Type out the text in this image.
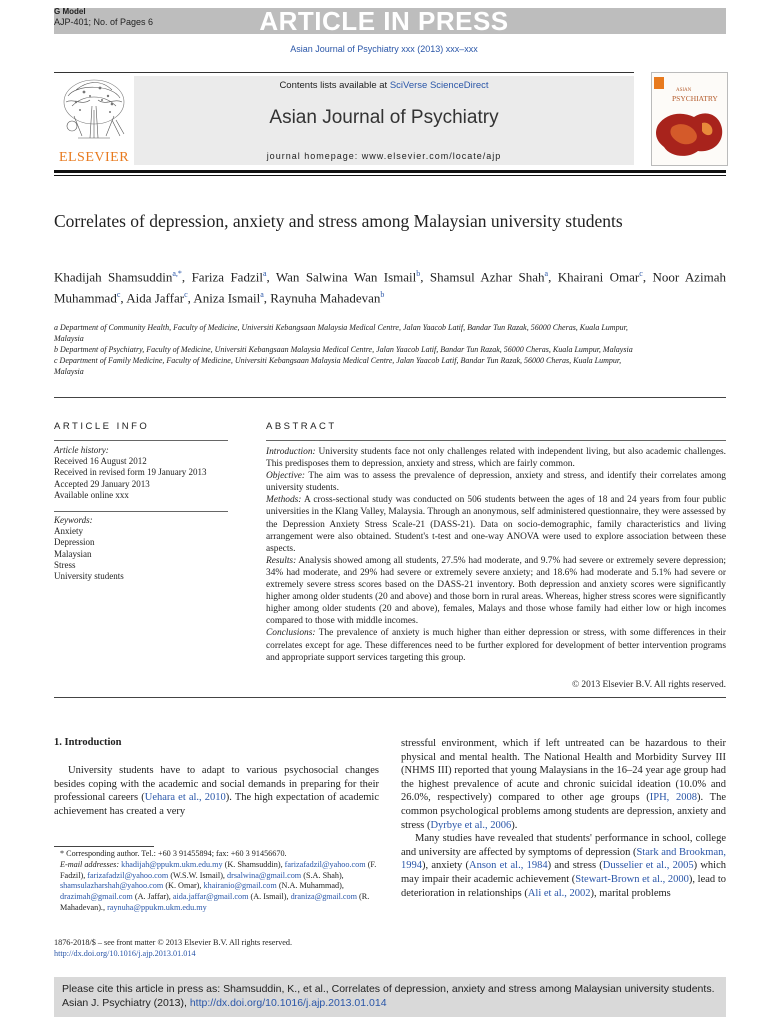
G Model
AJP-401; No. of Pages 6	ARTICLE IN PRESS
Asian Journal of Psychiatry xxx (2013) xxx–xxx
Contents lists available at SciVerse ScienceDirect
Asian Journal of Psychiatry
journal homepage: www.elsevier.com/locate/ajp
ELSEVIER
ASIAN
PSYCHIATRY
Correlates of depression, anxiety and stress among Malaysian university students
Khadijah Shamsuddin$^{a,*}$, Fariza Fadzil$^a$, Wan Salwina Wan Ismail$^b$, Shamsul Azhar Shah$^a$, Khairani Omar$^c$, Noor Azimah Muhammad$^c$, Aida Jaffar$^c$, Aniza Ismail$^a$, Raynuha Mahadevan$^b$
a Department of Community Health, Faculty of Medicine, Universiti Kebangsaan Malaysia Medical Centre, Jalan Yaacob Latif, Bandar Tun Razak, 56000 Cheras, Kuala Lumpur, Malaysia
b Department of Psychiatry, Faculty of Medicine, Universiti Kebangsaan Malaysia Medical Centre, Jalan Yaacob Latif, Bandar Tun Razak, 56000 Cheras, Kuala Lumpur, Malaysia
c Department of Family Medicine, Faculty of Medicine, Universiti Kebangsaan Malaysia Medical Centre, Jalan Yaacob Latif, Bandar Tun Razak, 56000 Cheras, Kuala Lumpur, Malaysia
ARTICLE INFO	ABSTRACT
Article history:
Received 16 August 2012
Received in revised form 19 January 2013
Accepted 29 January 2013
Available online xxx
Keywords:
Anxiety
Depression
Malaysian
Stress
University students
Introduction: University students face not only challenges related with independent living, but also academic challenges. This predisposes them to depression, anxiety and stress, which are fairly common.
Objective: The aim was to assess the prevalence of depression, anxiety and stress, and identify their correlates among university students.
Methods: A cross-sectional study was conducted on 506 students between the ages of 18 and 24 years from four public universities in the Klang Valley, Malaysia. Through an anonymous, self administered questionnaire, they were assessed by the Depression Anxiety Stress Scale-21 (DASS-21). Data on socio-demographic, family characteristics and living arrangement were also obtained. Student's t-test and one-way ANOVA were used to explore association between these aspects.
Results: Analysis showed among all students, 27.5% had moderate, and 9.7% had severe or extremely severe depression; 34% had moderate, and 29% had severe or extremely severe anxiety; and 18.6% had moderate and 5.1% had severe or extremely severe stress scores based on the DASS-21 inventory. Both depression and anxiety scores were significantly higher among older students (20 and above) and those born in rural areas. Whereas, higher stress scores were significantly higher among older students (20 and above), females, Malays and those whose family had either low or high incomes compared to those with middle incomes.
Conclusions: The prevalence of anxiety is much higher than either depression or stress, with some differences in their correlates except for age. These differences need to be further explored for development of better intervention programs and appropriate support services targeting this group.
© 2013 Elsevier B.V. All rights reserved.
1. Introduction
University students have to adapt to various psychosocial changes besides coping with the academic and social demands in preparing for their professional careers (Uehara et al., 2010). The high expectation of academic achievement has created a very

stressful environment, which if left untreated can be hazardous to their physical and mental health. The National Health and Morbidity Survey III (NHMS III) reported that young Malaysians in the 16–24 year age group had the highest prevalence of acute and chronic suicidal ideation (10.0% and 26.0%, respectively) compared to other age groups (IPH, 2008). The common psychological problems among students are depression, anxiety and stress (Dyrbye et al., 2006).

Many studies have revealed that students' performance in school, college and university are affected by symptoms of depression (Stark and Brookman, 1994), anxiety (Anson et al., 1984) and stress (Dusselier et al., 2005) which may impair their academic achievement (Stewart-Brown et al., 2000), lead to deterioration in relationships (Ali et al., 2002), marital problems

* Corresponding author. Tel.: +60 3 91455894; fax: +60 3 91456670.
E-mail addresses: khadijah@ppukm.ukm.edu.my (K. Shamsuddin), farizafadzil@yahoo.com (F. Fadzil), farizafadzil@yahoo.com (W.S.W. Ismail), drsalwina@gmail.com (S.A. Shah), shamsulazharshah@yahoo.com (K. Omar), khairanio@gmail.com (N.A. Muhammad), drazimah@gmail.com (A. Jaffar), aida.jaffar@gmail.com (A. Ismail), draniza@gmail.com (R. Mahadevan)., raynuha@ppukm.ukm.edu.my
1876-2018/$ – see front matter © 2013 Elsevier B.V. All rights reserved.
http://dx.doi.org/10.1016/j.ajp.2013.01.014
Please cite this article in press as: Shamsuddin, K., et al., Correlates of depression, anxiety and stress among Malaysian university students. Asian J. Psychiatry (2013), http://dx.doi.org/10.1016/j.ajp.2013.01.014
